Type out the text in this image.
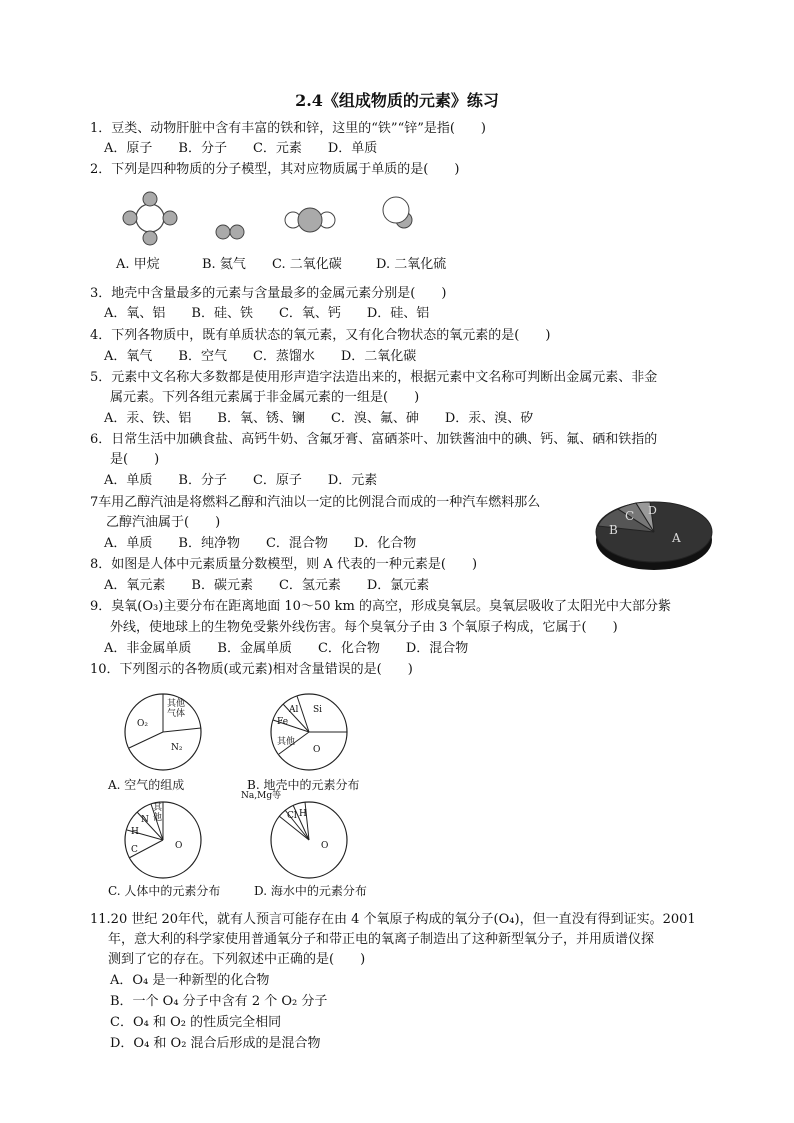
2.4《组成物质的元素》练习
1．豆类、动物肝脏中含有丰富的铁和锌，这里的“铁”“锌”是指(　　)
A．原子　　B．分子　　C．元素　　D．单质
2．下列是四种物质的分子模型，其对应物质属于单质的是(　　)
A. 甲烷	B. 氦气 C. 二氧化碳	D. 二氧化硫
3．地壳中含量最多的元素与含量最多的金属元素分别是(　　)
A．氧、铝　　B．硅、铁　　C．氧、钙　　D．硅、铝
4．下列各物质中，既有单质状态的氧元素，又有化合物状态的氧元素的是(　　)
A．氧气　　B．空气　　C．蒸馏水　　D．二氧化碳
5．元素中文名称大多数都是使用形声造字法造出来的，根据元素中文名称可判断出金属元素、非金
属元素。下列各组元素属于非金属元素的一组是(　　)
A．汞、铁、铝　　B．氧、锈、镧　　C．溴、氟、砷　　D．汞、溴、矽
6．日常生活中加碘食盐、高钙牛奶、含氟牙膏、富硒茶叶、加铁酱油中的碘、钙、氟、硒和铁指的
是(　　)
A．单质　　B．分子　　C．原子　　D．元素
7车用乙醇汽油是将燃料乙醇和汽油以一定的比例混合而成的一种汽车燃料那么
乙醇汽油属于(　　)
A．单质　　B．纯净物　　C．混合物　　D．化合物	A
B
C D
8．如图是人体中元素质量分数模型，则 A 代表的一种元素是(　　)
A．氧元素　　B．碳元素　　C．氢元素　　D．氯元素
9．臭氧(O₃)主要分布在距离地面 10～50 km 的高空，形成臭氧层。臭氧层吸收了太阳光中大部分紫
外线，使地球上的生物免受紫外线伤害。每个臭氧分子由 3 个氧原子构成，它属于(　　)
A．非金属单质　　B．金属单质　　C．化合物　　D．混合物
10．下列图示的各物质(或元素)相对含量错误的是(　　)
O₂
N₂
其他
气体
A. 空气的组成
Al
Fe
Si
其他
O
B. 地壳中的元素分布
其
他
N
H
C	O
C. 人体中的元素分布
Na,Mg等
Cl H
O
D. 海水中的元素分布
11.20 世纪 20年代，就有人预言可能存在由 4 个氧原子构成的氧分子(O₄)，但一直没有得到证实。2001
年，意大利的科学家使用普通氧分子和带正电的氧离子制造出了这种新型氧分子，并用质谱仪探
测到了它的存在。下列叙述中正确的是(　　)
A．O₄ 是一种新型的化合物
B．一个 O₄ 分子中含有 2 个 O₂ 分子
C．O₄ 和 O₂ 的性质完全相同
D．O₄ 和 O₂ 混合后形成的是混合物
